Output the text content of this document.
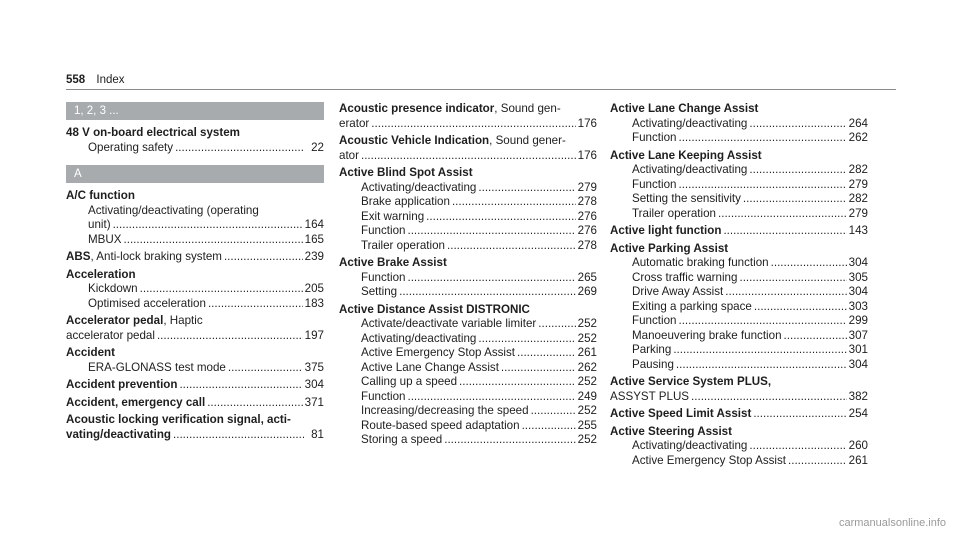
558 Index
1, 2, 3 ...
48 V on-board electrical system
Operating safety .....	22
A
A/C function
Activating/deactivating (operating
unit) .....	164
MBUX .....	165
ABS, Anti-lock braking system .....	239
Acceleration
Kickdown .....	205
Optimised acceleration .....	183
Accelerator pedal, Haptic
accelerator pedal .....	197
Accident
ERA-GLONASS test mode .....	375
Accident prevention .....	304
Accident, emergency call .....	371
Acoustic locking verification signal, acti-
vating/deactivating .....	81
Acoustic presence indicator, Sound gen-
erator .....	176
Acoustic Vehicle Indication, Sound gener-
ator .....	176
Active Blind Spot Assist
Activating/deactivating .....	279
Brake application .....	278
Exit warning .....	276
Function .....	276
Trailer operation .....	278
Active Brake Assist
Function .....	265
Setting .....	269
Active Distance Assist DISTRONIC
Activate/deactivate variable limiter .....	252
Activating/deactivating .....	252
Active Emergency Stop Assist .....	261
Active Lane Change Assist .....	262
Calling up a speed .....	252
Function .....	249
Increasing/decreasing the speed .....	252
Route-based speed adaptation .....	255
Storing a speed .....	252
Active Lane Change Assist
Activating/deactivating .....	264
Function .....	262
Active Lane Keeping Assist
Activating/deactivating .....	282
Function .....	279
Setting the sensitivity .....	282
Trailer operation .....	279
Active light function .....	143
Active Parking Assist
Automatic braking function .....	304
Cross traffic warning .....	305
Drive Away Assist .....	304
Exiting a parking space .....	303
Function .....	299
Manoeuvering brake function .....	307
Parking .....	301
Pausing .....	304
Active Service System PLUS,
ASSYST PLUS .....	382
Active Speed Limit Assist .....	254
Active Steering Assist
Activating/deactivating .....	260
Active Emergency Stop Assist .....	261
carmanualsonline.info
